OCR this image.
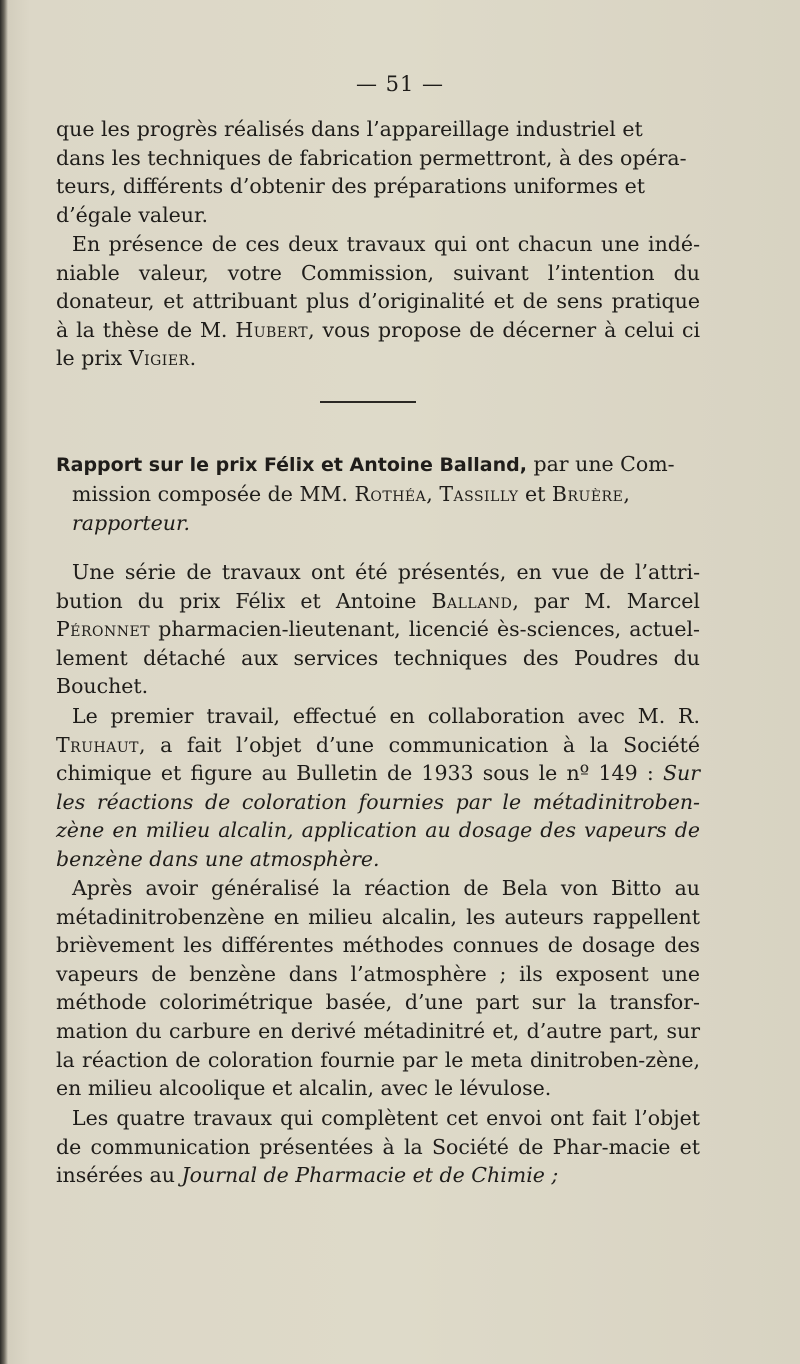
— 51 —

que les progrès réalisés dans l’appareillage industriel et

dans les techniques de fabrication permettront, à des opéra-

teurs, différents d’obtenir des préparations uniformes et

d’égale valeur.

En présence de ces deux travaux qui ont chacun une indé-niable valeur, votre Commission, suivant l’intention du donateur, et attribuant plus d’originalité et de sens pratique à la thèse de M. Hubert, vous propose de décerner à celui ci le prix Vigier.

Rapport sur le prix Félix et Antoine Balland, par une Com-
mission composée de MM. Rothéa, Tassilly et Bruère,
rapporteur.

Une série de travaux ont été présentés, en vue de l’attri-bution du prix Félix et Antoine Balland, par M. Marcel Péronnet pharmacien-lieutenant, licencié ès-sciences, actuel-lement détaché aux services techniques des Poudres du Bouchet.

Le premier travail, effectué en collaboration avec M. R. Truhaut, a fait l’objet d’une communication à la Société chimique et figure au Bulletin de 1933 sous le nº 149 : Sur les réactions de coloration fournies par le métadinitroben-zène en milieu alcalin, application au dosage des vapeurs de benzène dans une atmosphère.

Après avoir généralisé la réaction de Bela von Bitto au métadinitrobenzène en milieu alcalin, les auteurs rappellent brièvement les différentes méthodes connues de dosage des vapeurs de benzène dans l’atmosphère ; ils exposent une méthode colorimétrique basée, d’une part sur la transfor-mation du carbure en derivé métadinitré et, d’autre part, sur la réaction de coloration fournie par le meta dinitroben-zène, en milieu alcoolique et alcalin, avec le lévulose.

Les quatre travaux qui complètent cet envoi ont fait l’objet de communication présentées à la Société de Phar-macie et insérées au Journal de Pharmacie et de Chimie ;
